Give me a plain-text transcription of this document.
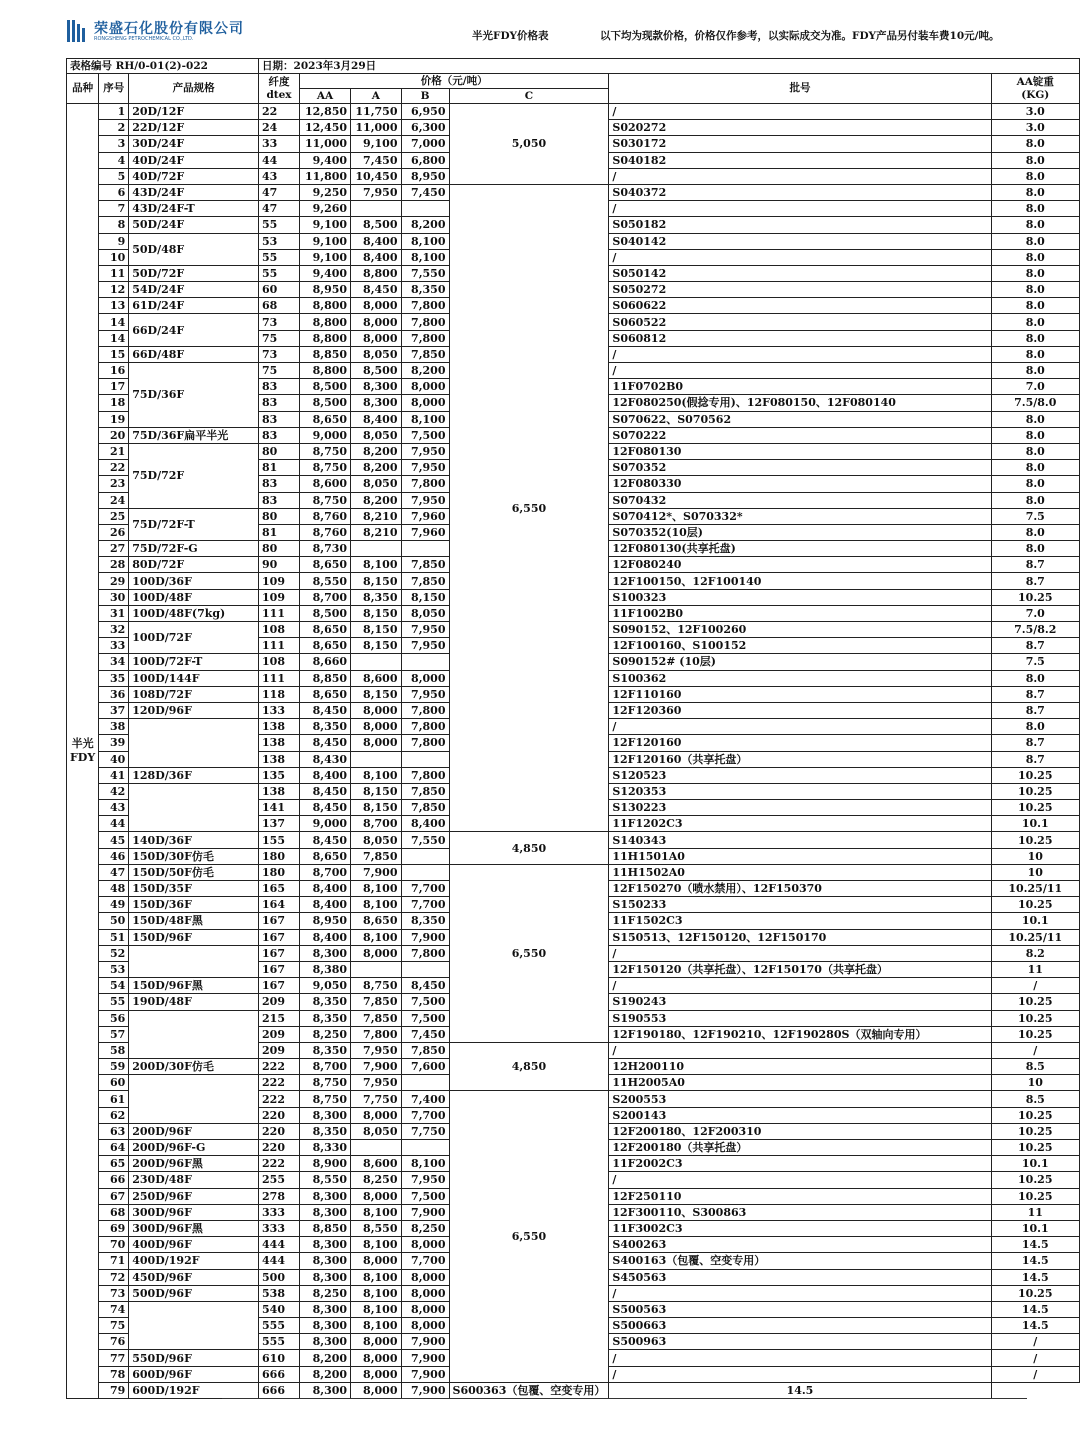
荣盛石化股份有限公司
RONGSHENG PETROCHEMICAL CO.,LTD.	半光FDY价格表	以下均为现款价格，价格仅作参考，以实际成交为准。FDY产品另付装车费10元/吨。
表格编号 RH/0-01(2)-022			日期：2023年3月29日						
品种	序号	产品规格	纤度
dtex	价格（元/吨）				批号	AA锭重
(KG)
				AA	A	B	C		
半光
FDY	1	20D/12F	22	12,850	11,750	6,950	5,050	/	3.0
	2	22D/12F	24	12,450	11,000	6,300		S020272	3.0
	3	30D/24F	33	11,000	9,100	7,000		S030172	8.0
	4	40D/24F	44	9,400	7,450	6,800		S040182	8.0
	5	40D/72F	43	11,800	10,450	8,950		/	8.0
	6	43D/24F	47	9,250	7,950	7,450	6,550	S040372	8.0
	7	43D/24F-T	47	9,260				/	8.0
	8	50D/24F	55	9,100	8,500	8,200		S050182	8.0
	9	50D/48F	53	9,100	8,400	8,100		S040142	8.0
	10		55	9,100	8,400	8,100		/	8.0
	11	50D/72F	55	9,400	8,800	7,550		S050142	8.0
	12	54D/24F	60	8,950	8,450	8,350		S050272	8.0
	13	61D/24F	68	8,800	8,000	7,800		S060622	8.0
	14	66D/24F	73	8,800	8,000	7,800		S060522	8.0
	14		75	8,800	8,000	7,800		S060812	8.0
	15	66D/48F	73	8,850	8,050	7,850		/	8.0
	16	75D/36F	75	8,800	8,500	8,200		/	8.0
	17		83	8,500	8,300	8,000		11F0702B0	7.0
	18		83	8,500	8,300	8,000		12F080250(假捻专用)、12F080150、12F080140	7.5/8.0
	19		83	8,650	8,400	8,100		S070622、S070562	8.0
	20	75D/36F扁平半光	83	9,000	8,050	7,500		S070222	8.0
	21	75D/72F	80	8,750	8,200	7,950		12F080130	8.0
	22		81	8,750	8,200	7,950		S070352	8.0
	23		83	8,600	8,050	7,800		12F080330	8.0
	24		83	8,750	8,200	7,950		S070432	8.0
	25	75D/72F-T	80	8,760	8,210	7,960		S070412*、S070332*	7.5
	26		81	8,760	8,210	7,960		S070352(10层)	8.0
	27	75D/72F-G	80	8,730				12F080130(共享托盘)	8.0
	28	80D/72F	90	8,650	8,100	7,850		12F080240	8.7
	29	100D/36F	109	8,550	8,150	7,850		12F100150、12F100140	8.7
	30	100D/48F	109	8,700	8,350	8,150		S100323	10.25
	31	100D/48F(7kg)	111	8,500	8,150	8,050		11F1002B0	7.0
	32	100D/72F	108	8,650	8,150	7,950		S090152、12F100260	7.5/8.2
	33		111	8,650	8,150	7,950		12F100160、S100152	8.7
	34	100D/72F-T	108	8,660				S090152# (10层)	7.5
	35	100D/144F	111	8,850	8,600	8,000		S100362	8.0
	36	108D/72F	118	8,650	8,150	7,950		12F110160	8.7
	37	120D/96F	133	8,450	8,000	7,800		12F120360	8.7
	38		138	8,350	8,000	7,800		/	8.0
	39		138	8,450	8,000	7,800		12F120160	8.7
	40		138	8,430				12F120160（共享托盘）	8.7
	41	128D/36F	135	8,400	8,100	7,800		S120523	10.25
	42		138	8,450	8,150	7,850		S120353	10.25
	43		141	8,450	8,150	7,850		S130223	10.25
	44		137	9,000	8,700	8,400		11F1202C3	10.1
	45	140D/36F	155	8,450	8,050	7,550	4,850	S140343	10.25
	46	150D/30F仿毛	180	8,650	7,850			11H1501A0	10
	47	150D/50F仿毛	180	8,700	7,900		6,550	11H1502A0	10
	48	150D/35F	165	8,400	8,100	7,700		12F150270（喷水禁用）、12F150370	10.25/11
	49	150D/36F	164	8,400	8,100	7,700		S150233	10.25
	50	150D/48F黑	167	8,950	8,650	8,350		11F1502C3	10.1
	51	150D/96F	167	8,400	8,100	7,900		S150513、12F150120、12F150170	10.25/11
	52		167	8,300	8,000	7,800		/	8.2
	53		167	8,380				12F150120（共享托盘）、12F150170（共享托盘）	11
	54	150D/96F黑	167	9,050	8,750	8,450		/	/
	55	190D/48F	209	8,350	7,850	7,500		S190243	10.25
	56		215	8,350	7,850	7,500		S190553	10.25
	57		209	8,250	7,800	7,450		12F190180、12F190210、12F190280S（双轴向专用）	10.25
	58		209	8,350	7,950	7,850	4,850	/	/
	59	200D/30F仿毛	222	8,700	7,900	7,600		12H200110	8.5
	60		222	8,750	7,950			11H2005A0	10
	61		222	8,750	7,750	7,400	6,550	S200553	8.5
	62		220	8,300	8,000	7,700		S200143	10.25
	63	200D/96F	220	8,350	8,050	7,750		12F200180、12F200310	10.25
	64	200D/96F-G	220	8,330				12F200180（共享托盘）	10.25
	65	200D/96F黑	222	8,900	8,600	8,100		11F2002C3	10.1
	66	230D/48F	255	8,550	8,250	7,950		/	10.25
	67	250D/96F	278	8,300	8,000	7,500		12F250110	10.25
	68	300D/96F	333	8,300	8,100	7,900		12F300110、S300863	11
	69	300D/96F黑	333	8,850	8,550	8,250		11F3002C3	10.1
	70	400D/96F	444	8,300	8,100	8,000		S400263	14.5
	71	400D/192F	444	8,300	8,000	7,700		S400163（包覆、空变专用）	14.5
	72	450D/96F	500	8,300	8,100	8,000		S450563	14.5
	73	500D/96F	538	8,250	8,100	8,000		/	10.25
	74		540	8,300	8,100	8,000		S500563	14.5
	75		555	8,300	8,100	8,000		S500663	14.5
	76		555	8,300	8,000	7,900		S500963	/
	77	550D/96F	610	8,200	8,000	7,900		/	/
	78	600D/96F	666	8,200	8,000	7,900		/	/
	79	600D/192F	666	8,300	8,000	7,900	S600363（包覆、空变专用）	14.5	
